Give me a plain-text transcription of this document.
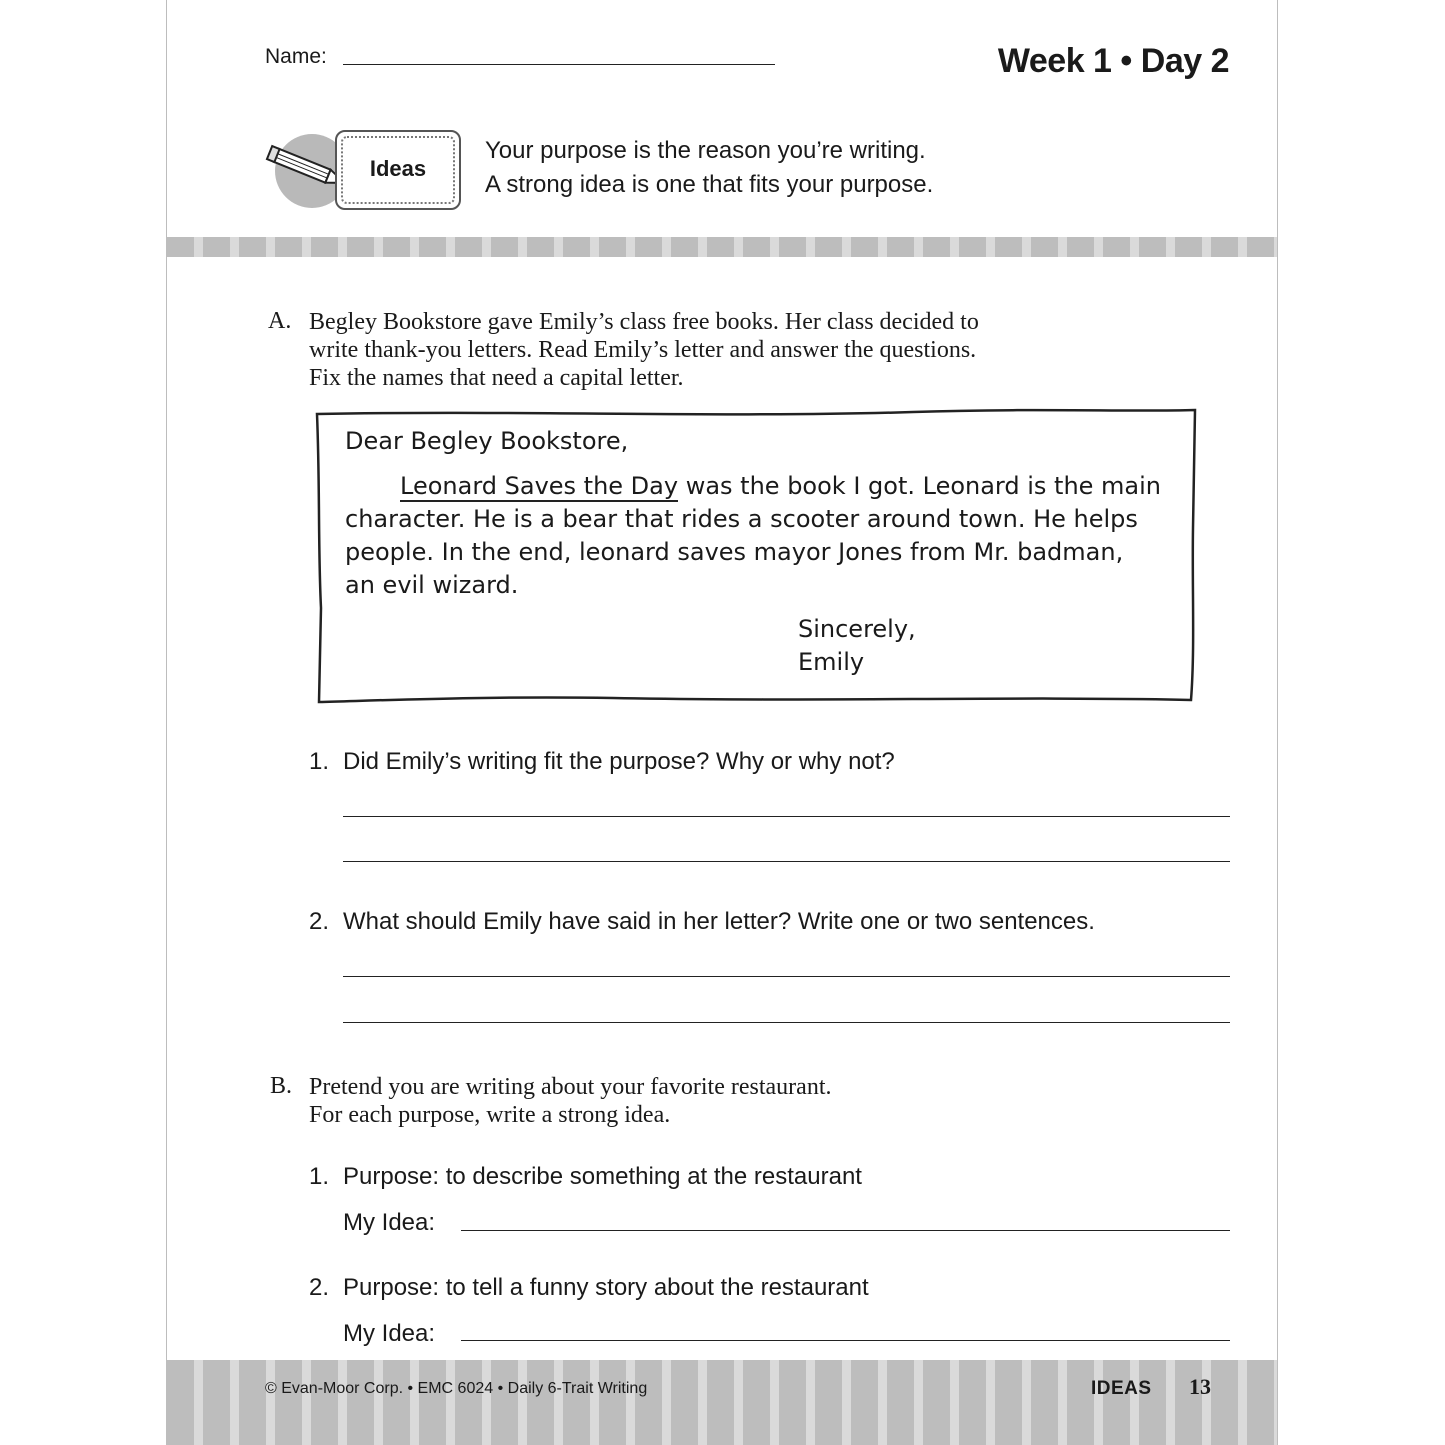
Name:	Week 1 • Day 2
Ideas
Your purpose is the reason you’re writing.
A strong idea is one that fits your purpose.
A. Begley Bookstore gave Emily’s class free books. Her class decided to
write thank-you letters. Read Emily’s letter and answer the questions.
Fix the names that need a capital letter.
Dear Begley Bookstore,
Leonard Saves the Day was the book I got. Leonard is the main
character. He is a bear that rides a scooter around town. He helps
people. In the end, leonard saves mayor Jones from Mr. badman,
an evil wizard.
Sincerely,
Emily
1. Did Emily’s writing fit the purpose? Why or why not?
2. What should Emily have said in her letter? Write one or two sentences.
B. Pretend you are writing about your favorite restaurant.
For each purpose, write a strong idea.
1. Purpose: to describe something at the restaurant
My Idea:
2. Purpose: to tell a funny story about the restaurant
My Idea:
© Evan-Moor Corp. • EMC 6024 • Daily 6-Trait Writing	IDEAS 13
